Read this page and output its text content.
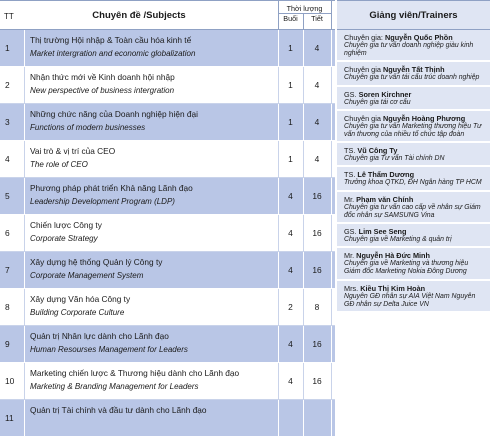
TT	Chuyên đề /Subjects
Thời lượng
Buổi	Tiết
1
Thị trường Hội nhập & Toàn cầu hóa kinh tế
Market intergration and economic globalization
1	4
2
Nhận thức mới về Kinh doanh hội nhập
New perspective of business intergration
1	4
3
Những chức năng của Doanh nghiệp hiện đại
Functions of modern businesses
1	4
4
Vai trò & vị trí của CEO
The role of CEO
1	4
5
Phương pháp phát triển Khả năng Lãnh đạo
Leadership Development Program (LDP)
4	16
6
Chiến lược Công ty
Corporate Strategy
4	16
7
Xây dựng hệ thống Quản lý Công ty
Corporate Management System
4	16
8
Xây dựng Văn hóa Công ty
Building Corporate Culture
2	8
9
Quản trị Nhân lực dành cho Lãnh đạo
Human Resourses Management for Leaders
4	16
10
Marketing chiến lược & Thương hiệu dành cho Lãnh đạo
Marketing & Branding Management for Leaders
4	16
11
Quản trị Tài chính và đầu tư dành cho Lãnh đạo
Giảng viên/Trainers
Chuyên gia: Nguyễn Quốc Phồn
Chuyên gia tư vấn doanh nghiệp giàu kinh nghiệm
Chuyên gia Nguyễn Tất Thịnh
Chuyên gia tư vấn tái cấu trúc doanh nghiệp
GS. Soren Kirchner
Chuyên gia tái cơ cấu
Chuyên gia Nguyễn Hoàng Phương
Chuyên gia tư vấn Marketing thương hiệu Tư vấn thương của nhiều tổ chức tập đoàn
TS. Vũ Công Ty
Chuyên gia Tư vấn Tài chính DN
TS. Lê Thẩm Dương
Trưởng khoa QTKD, ĐH Ngân hàng TP HCM
Mr. Phạm văn Chính
Chuyên gia tư vấn cao cấp về nhân sự Giám đốc nhân sự SAMSUNG Vina
GS. Lim See Seng
Chuyên gia về Marketing & quản trị
Mr. Nguyễn Hà Đức Minh
Chuyên gia về Marketing và thương hiệu Giám đốc Marketing Nokia Đông Dương
Mrs. Kiều Thị Kim Hoàn
Nguyên GĐ nhân sự AIA Việt Nam Nguyên GĐ nhân sự Delta Juice VN
